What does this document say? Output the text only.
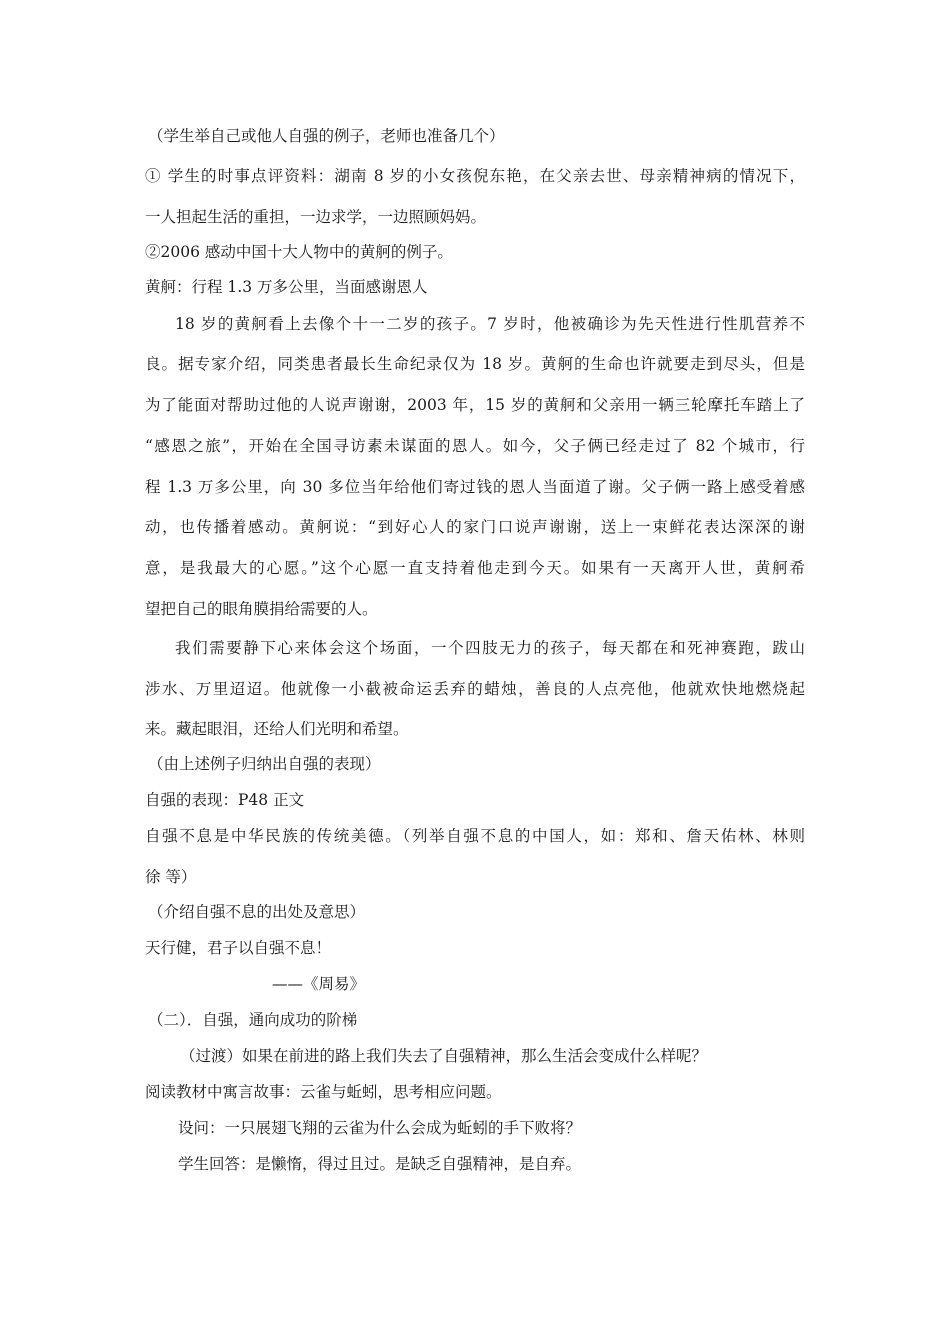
（学生举自己或他人自强的例子，老师也准备几个）
① 学生的时事点评资料：湖南 8 岁的小女孩倪东艳，在父亲去世、母亲精神病的情况下，
一人担起生活的重担，一边求学，一边照顾妈妈。
②2006 感动中国十大人物中的黄舸的例子。
黄舸：行程 1.3 万多公里，当面感谢恩人
18 岁的黄舸看上去像个十一二岁的孩子。7 岁时，他被确诊为先天性进行性肌营养不
良。据专家介绍，同类患者最长生命纪录仅为 18 岁。黄舸的生命也许就要走到尽头，但是
为了能面对帮助过他的人说声谢谢，2003 年，15 岁的黄舸和父亲用一辆三轮摩托车踏上了
“感恩之旅”，开始在全国寻访素未谋面的恩人。如今，父子俩已经走过了 82 个城市，行
程 1.3 万多公里，向 30 多位当年给他们寄过钱的恩人当面道了谢。父子俩一路上感受着感
动，也传播着感动。黄舸说：“到好心人的家门口说声谢谢，送上一束鲜花表达深深的谢
意，是我最大的心愿。”这个心愿一直支持着他走到今天。如果有一天离开人世，黄舸希
望把自己的眼角膜捐给需要的人。
我们需要静下心来体会这个场面，一个四肢无力的孩子，每天都在和死神赛跑，跋山
涉水、万里迢迢。他就像一小截被命运丢弃的蜡烛，善良的人点亮他，他就欢快地燃烧起
来。藏起眼泪，还给人们光明和希望。
（由上述例子归纳出自强的表现）
自强的表现：P48 正文
自强不息是中华民族的传统美德。（列举自强不息的中国人，如：郑和、詹天佑林、林则
徐 等）
（介绍自强不息的出处及意思）
天行健，君子以自强不息！
——《周易》
（二）．自强，通向成功的阶梯
（过渡）如果在前进的路上我们失去了自强精神，那么生活会变成什么样呢？
阅读教材中寓言故事：云雀与蚯蚓，思考相应问题。
设问：一只展翅飞翔的云雀为什么会成为蚯蚓的手下败将？
学生回答：是懒惰，得过且过。是缺乏自强精神，是自弃。
